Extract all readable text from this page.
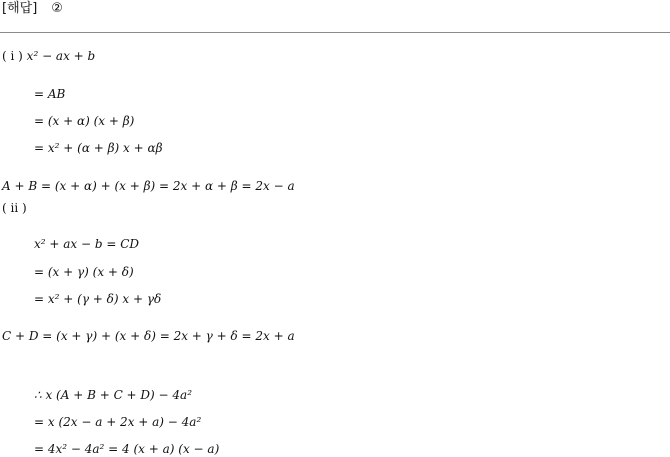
[해답] ②
( i ) x² − ax + b
= AB
= (x + α) (x + β)
= x² + (α + β) x + αβ
A + B = (x + α) + (x + β) = 2x + α + β = 2x − a
( ii )
x² + ax − b = CD
= (x + γ) (x + δ)
= x² + (γ + δ) x + γδ
C + D = (x + γ) + (x + δ) = 2x + γ + δ = 2x + a
∴ x (A + B + C + D) − 4a²
= x (2x − a + 2x + a) − 4a²
= 4x² − 4a² = 4 (x + a) (x − a)
